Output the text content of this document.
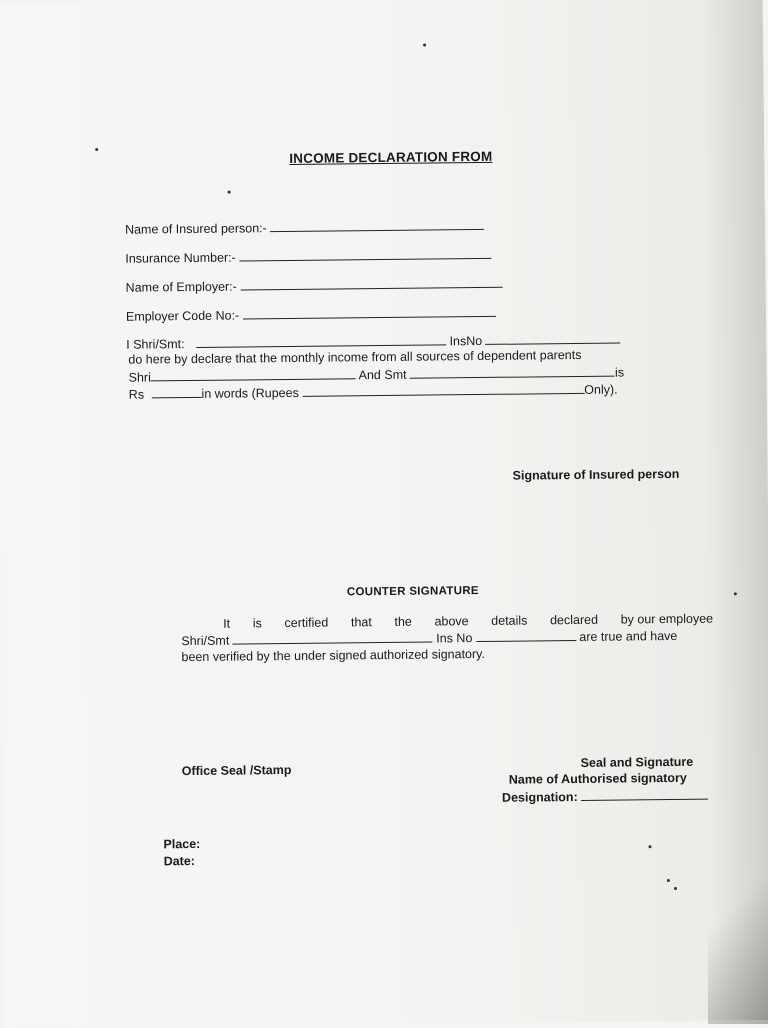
INCOME DECLARATION FROM
Name of Insured person:-
Insurance Number:-
Name of Employer:-
Employer Code No:-
I Shri/Smt:	InsNo
do here by declare that the monthly income from all sources of dependent parents
Shri	And Smt	is
Rs	in words (Rupees	Only).
Signature of Insured person
COUNTER SIGNATURE
It is certified that the above details declared by our employee
Shri/Smt	Ins No	are true and have
been verified by the under signed authorized signatory.
Office Seal /Stamp
Seal and Signature
Name of Authorised signatory
Designation:
Place:
Date:
